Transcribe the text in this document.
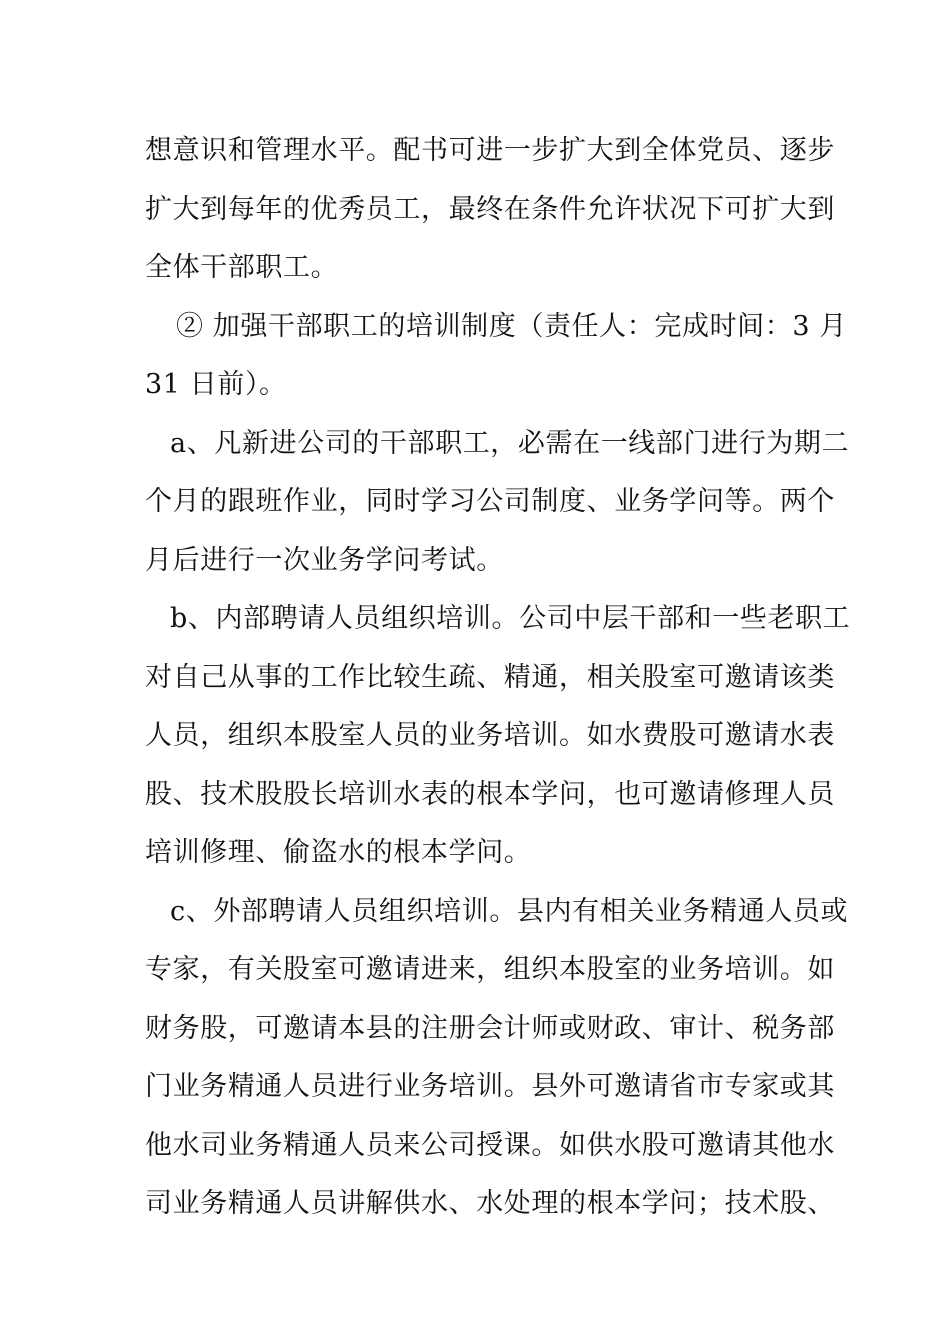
想意识和管理水平。配书可进一步扩大到全体党员、逐步
扩大到每年的优秀员工，最终在条件允许状况下可扩大到
全体干部职工。
② 加强干部职工的培训制度（责任人：完成时间：3 月
31 日前）。
a、凡新进公司的干部职工，必需在一线部门进行为期二
个月的跟班作业，同时学习公司制度、业务学问等。两个
月后进行一次业务学问考试。
b、内部聘请人员组织培训。公司中层干部和一些老职工
对自己从事的工作比较生疏、精通，相关股室可邀请该类
人员，组织本股室人员的业务培训。如水费股可邀请水表
股、技术股股长培训水表的根本学问，也可邀请修理人员
培训修理、偷盗水的根本学问。
c、外部聘请人员组织培训。县内有相关业务精通人员或
专家，有关股室可邀请进来，组织本股室的业务培训。如
财务股，可邀请本县的注册会计师或财政、审计、税务部
门业务精通人员进行业务培训。县外可邀请省市专家或其
他水司业务精通人员来公司授课。如供水股可邀请其他水
司业务精通人员讲解供水、水处理的根本学问；技术股、
